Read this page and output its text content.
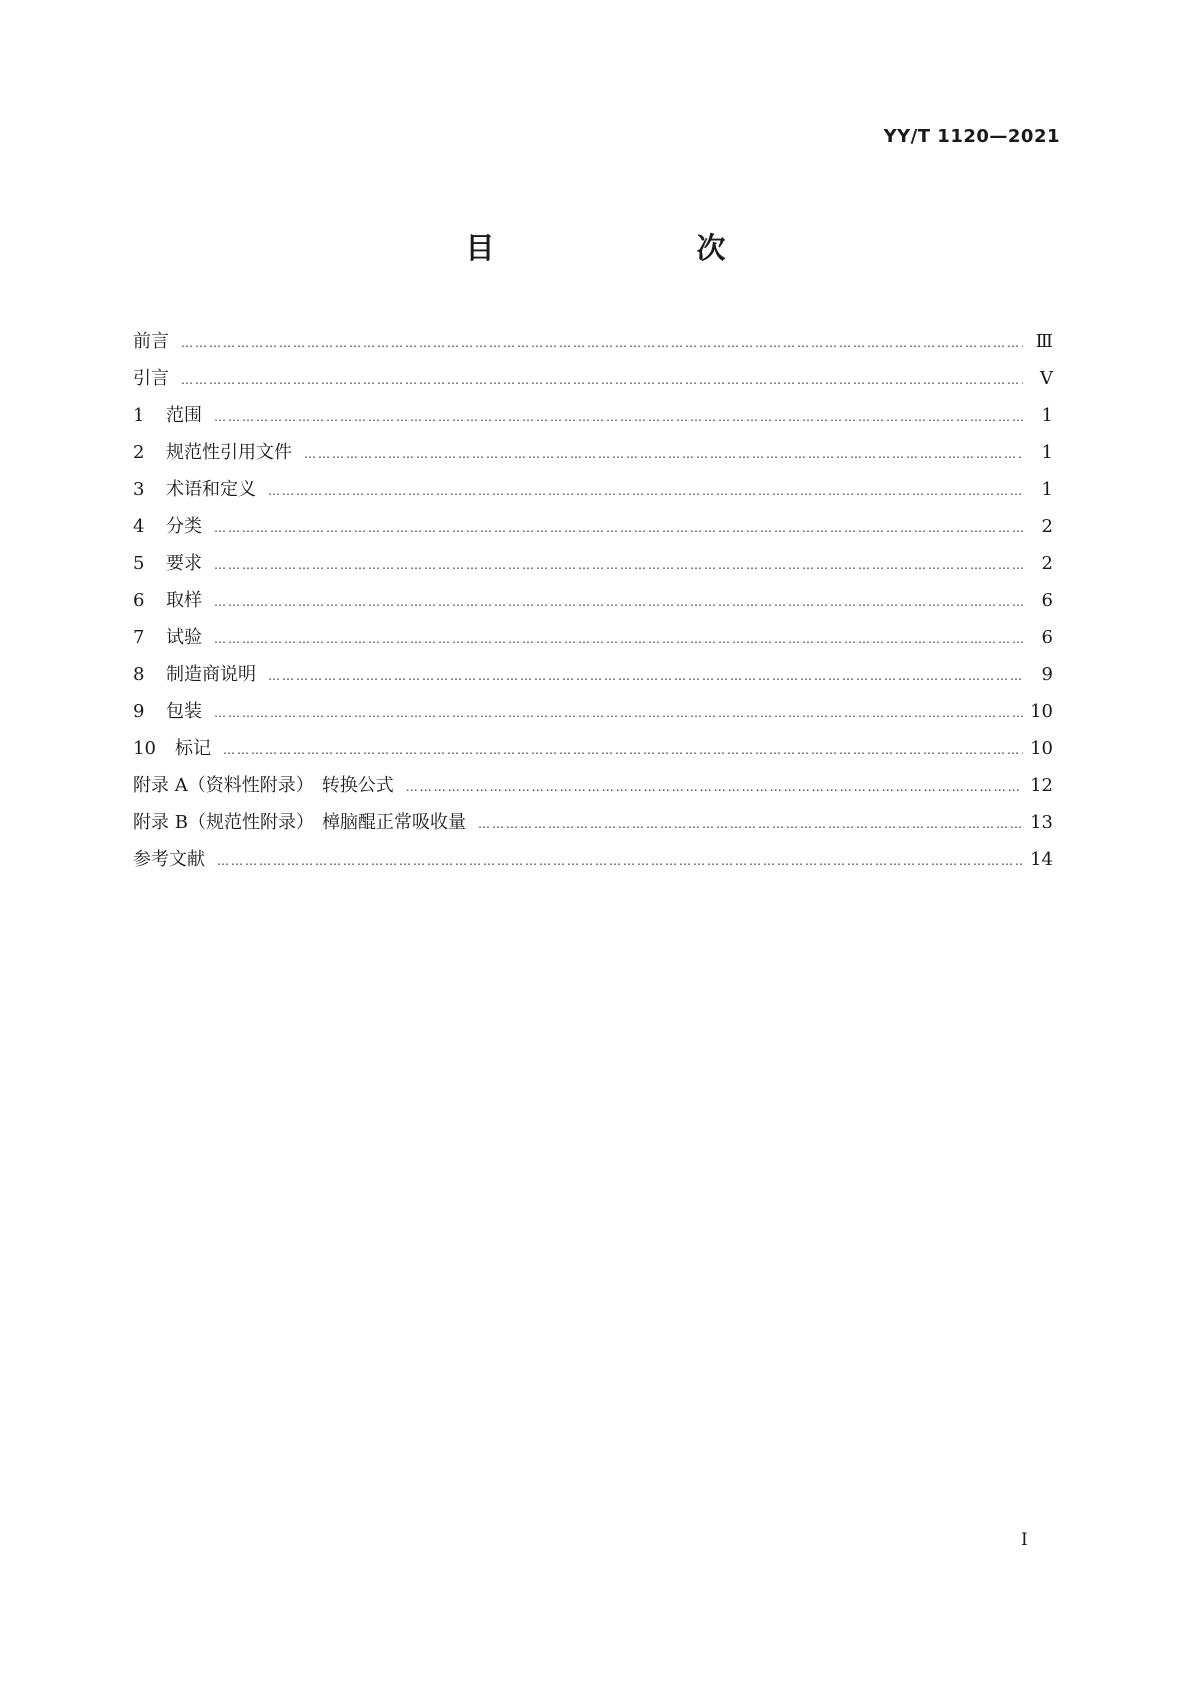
YY/T 1120—2021
目　　次
前言 …………………………………………………………………………………………………………………………………………………………………………………………………………………………………………	Ⅲ
引言 …………………………………………………………………………………………………………………………………………………………………………………………………………………………………………	Ⅴ
1 范围 …………………………………………………………………………………………………………………………………………………………………………………………………………………………………………	1
2 规范性引用文件 …………………………………………………………………………………………………………………………………………………………………………………………………………………………………………	1
3 术语和定义 …………………………………………………………………………………………………………………………………………………………………………………………………………………………………………	1
4 分类 …………………………………………………………………………………………………………………………………………………………………………………………………………………………………………	2
5 要求 …………………………………………………………………………………………………………………………………………………………………………………………………………………………………………	2
6 取样 …………………………………………………………………………………………………………………………………………………………………………………………………………………………………………	6
7 试验 …………………………………………………………………………………………………………………………………………………………………………………………………………………………………………	6
8 制造商说明 …………………………………………………………………………………………………………………………………………………………………………………………………………………………………………	9
9 包装 …………………………………………………………………………………………………………………………………………………………………………………………………………………………………………	10
10 标记 …………………………………………………………………………………………………………………………………………………………………………………………………………………………………………	10
附录 A（资料性附录） 转换公式 …………………………………………………………………………………………………………………………………………………………………………………………………………………………………………	12
附录 B（规范性附录） 樟脑醌正常吸收量 …………………………………………………………………………………………………………………………………………………………………………………………………………………………………………	13
参考文献 …………………………………………………………………………………………………………………………………………………………………………………………………………………………………………	14
Ⅰ
